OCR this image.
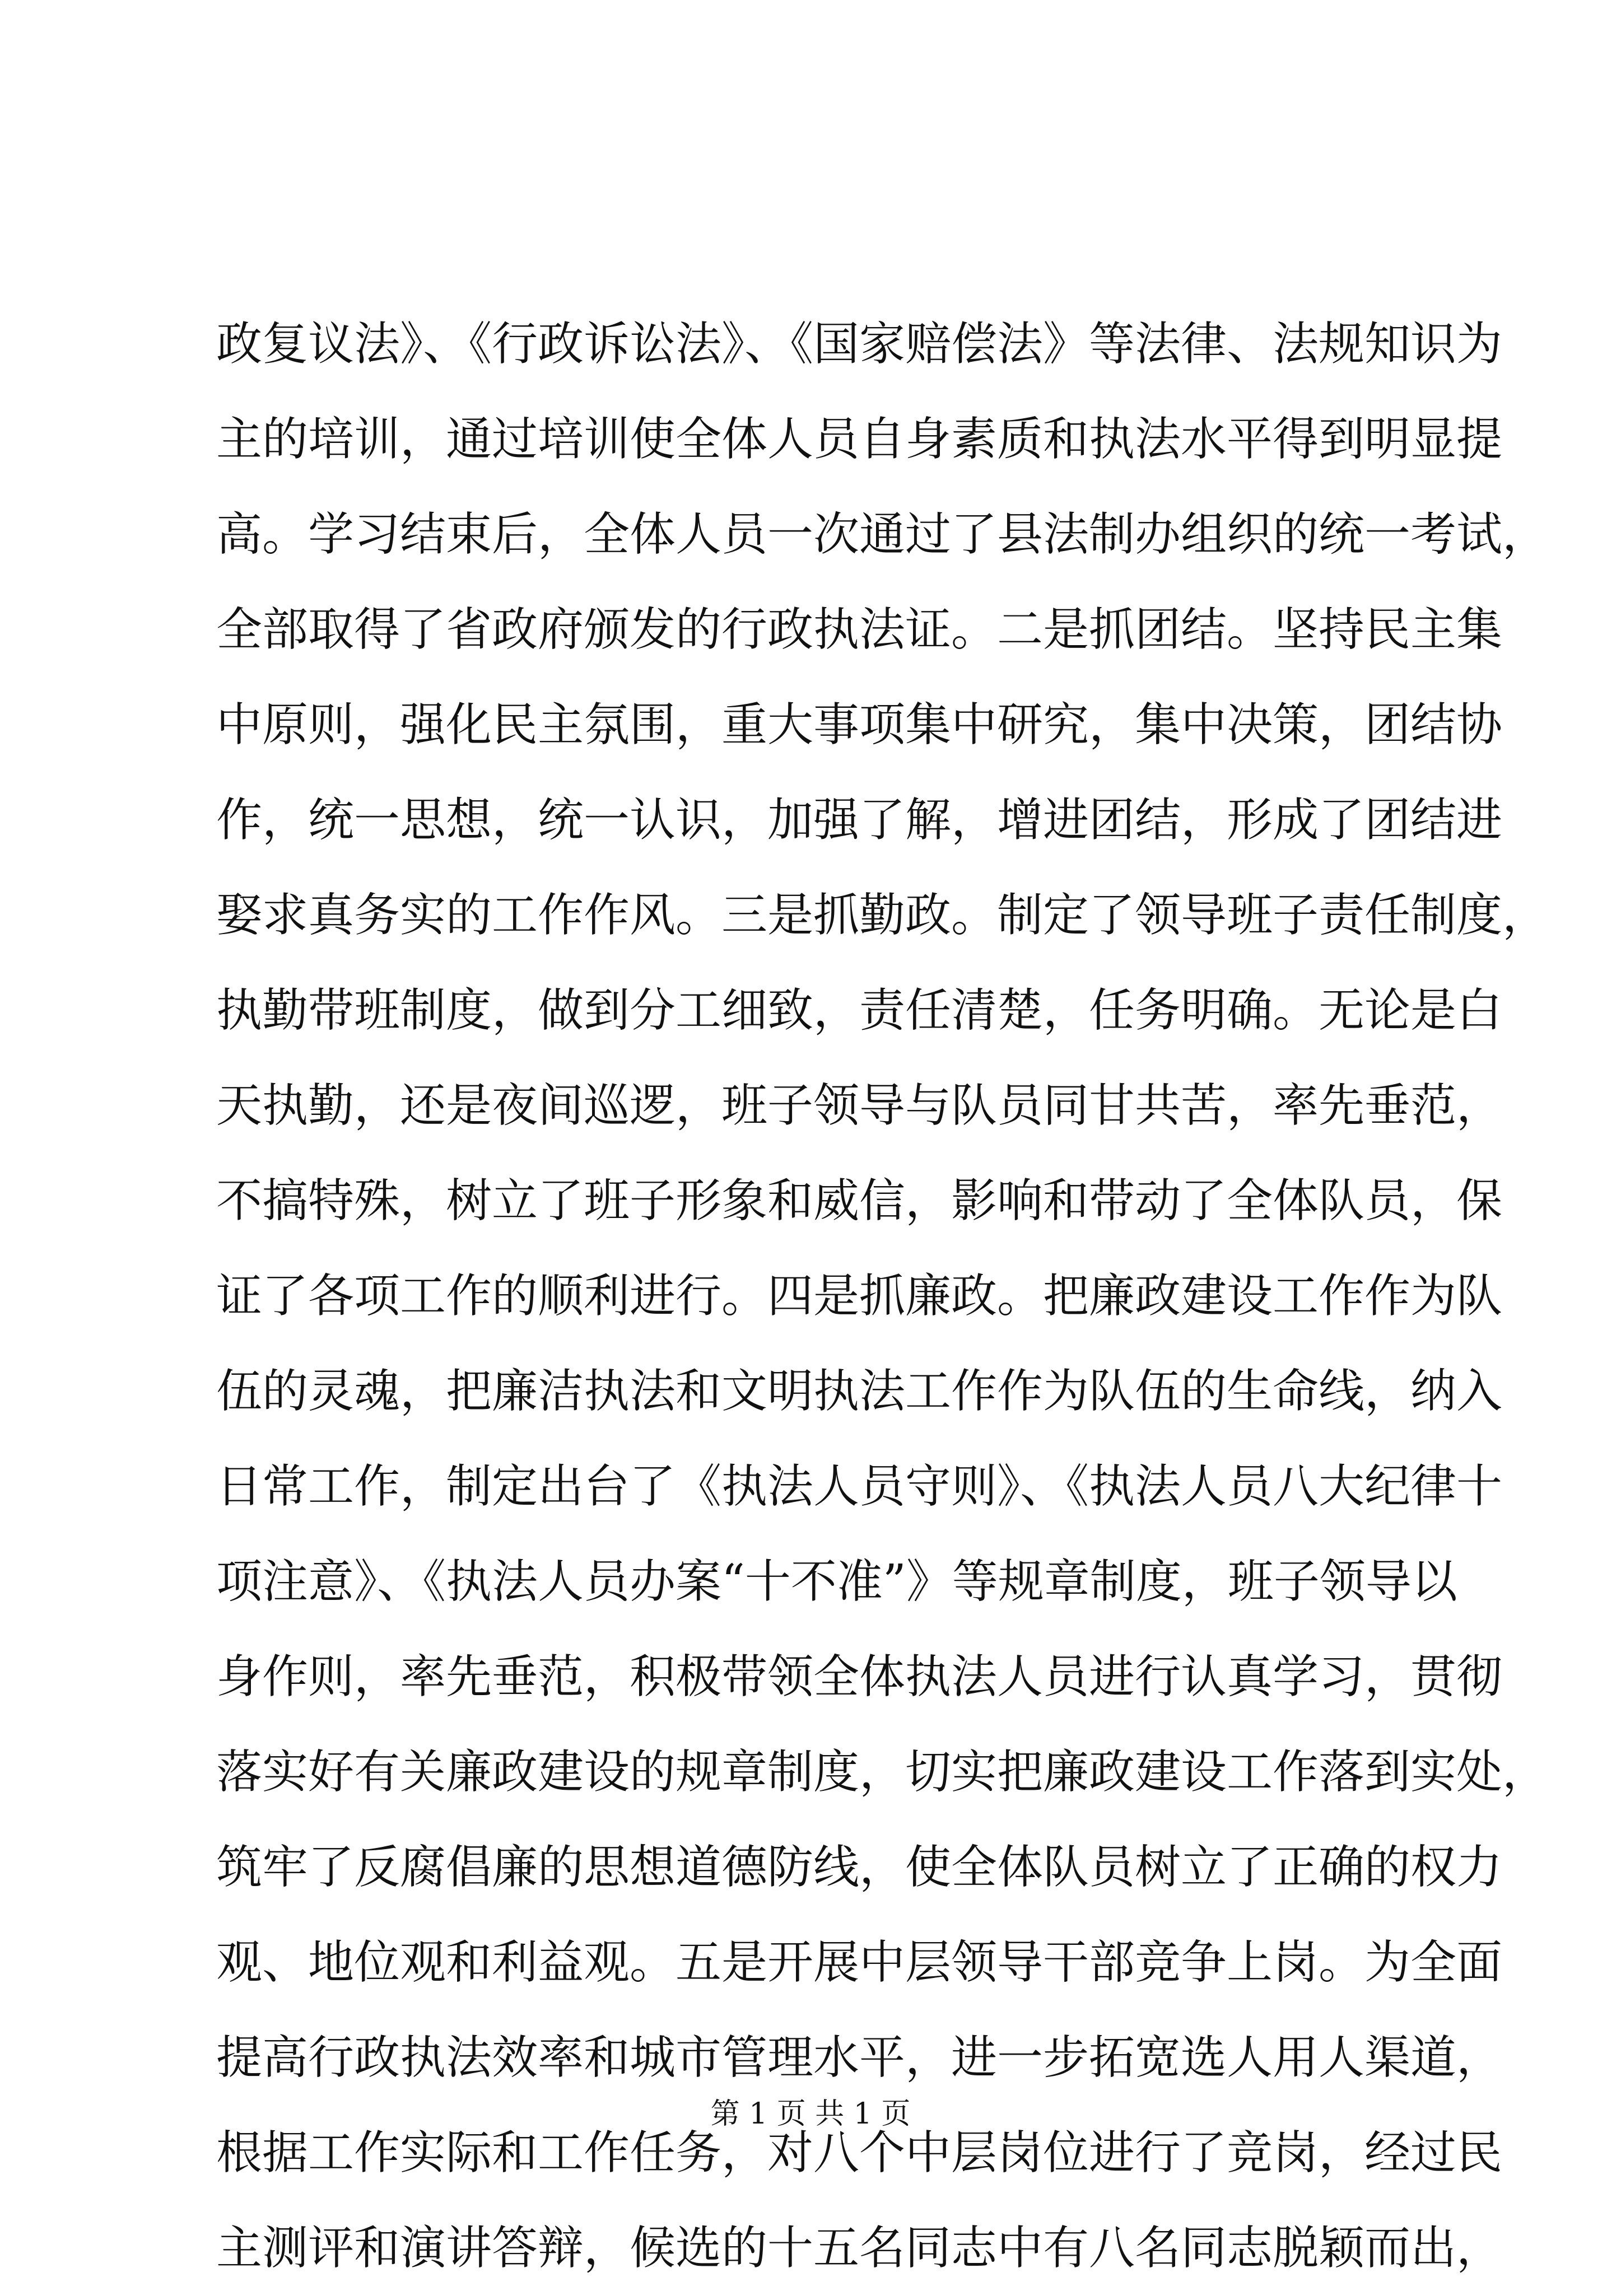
政复议法》、《行政诉讼法》、《国家赔偿法》等法律、法规知识为
主的培训，通过培训使全体人员自身素质和执法水平得到明显提
高。学习结束后，全体人员一次通过了县法制办组织的统一考试，
全部取得了省政府颁发的行政执法证。二是抓团结。坚持民主集
中原则，强化民主氛围，重大事项集中研究，集中决策，团结协
作，统一思想，统一认识，加强了解，增进团结，形成了团结进
娶求真务实的工作作风。三是抓勤政。制定了领导班子责任制度，
执勤带班制度，做到分工细致，责任清楚，任务明确。无论是白
天执勤，还是夜间巡逻，班子领导与队员同甘共苦，率先垂范，
不搞特殊，树立了班子形象和威信，影响和带动了全体队员，保
证了各项工作的顺利进行。四是抓廉政。把廉政建设工作作为队
伍的灵魂，把廉洁执法和文明执法工作作为队伍的生命线，纳入
日常工作，制定出台了《执法人员守则》、《执法人员八大纪律十
项注意》、《执法人员办案“十不准”》等规章制度，班子领导以
身作则，率先垂范，积极带领全体执法人员进行认真学习，贯彻
落实好有关廉政建设的规章制度，切实把廉政建设工作落到实处，
筑牢了反腐倡廉的思想道德防线，使全体队员树立了正确的权力
观、地位观和利益观。五是开展中层领导干部竞争上岗。为全面
提高行政执法效率和城市管理水平，进一步拓宽选人用人渠道，
根据工作实际和工作任务，对八个中层岗位进行了竞岗，经过民
主测评和演讲答辩，候选的十五名同志中有八名同志脱颖而出，
第 1 页 共 1 页
